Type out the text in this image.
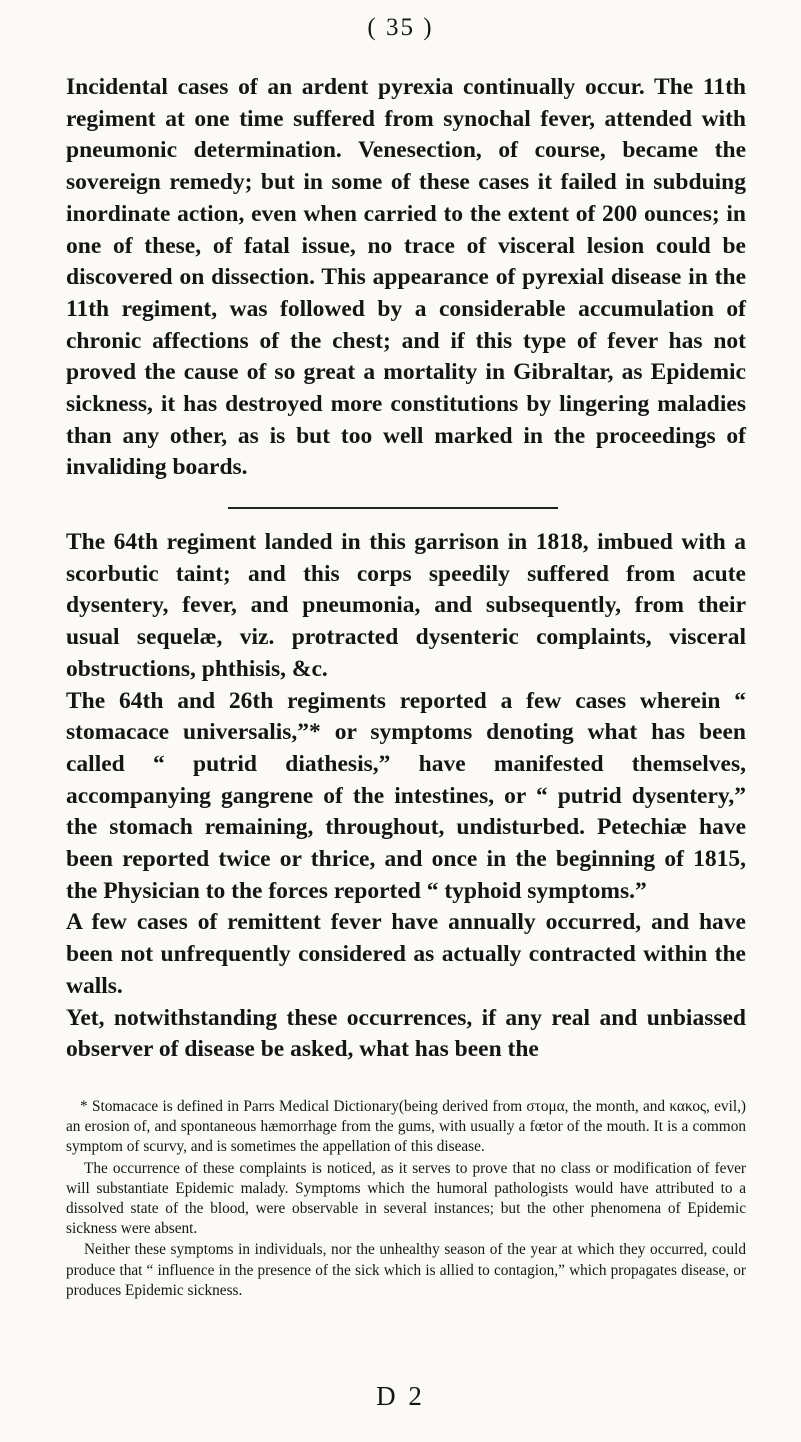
( 35 )

Incidental cases of an ardent pyrexia continually occur. The 11th regiment at one time suffered from synochal fever, attended with pneumonic determination. Venesection, of course, became the sovereign remedy; but in some of these cases it failed in subduing inordinate action, even when carried to the extent of 200 ounces; in one of these, of fatal issue, no trace of visceral lesion could be discovered on dissection. This appearance of pyrexial disease in the 11th regiment, was followed by a considerable accumulation of chronic affections of the chest; and if this type of fever has not proved the cause of so great a mortality in Gibraltar, as Epidemic sickness, it has destroyed more constitutions by lingering maladies than any other, as is but too well marked in the proceedings of invaliding boards.

The 64th regiment landed in this garrison in 1818, imbued with a scorbutic taint; and this corps speedily suffered from acute dysentery, fever, and pneumonia, and subsequently, from their usual sequelæ, viz. protracted dysenteric complaints, visceral obstructions, phthisis, &c.

The 64th and 26th regiments reported a few cases wherein “ stomacace universalis,”* or symptoms denoting what has been called “ putrid diathesis,” have manifested themselves, accompanying gangrene of the intestines, or “ putrid dysentery,” the stomach remaining, throughout, undisturbed. Petechiæ have been reported twice or thrice, and once in the beginning of 1815, the Physician to the forces reported “ typhoid symptoms.”

A few cases of remittent fever have annually occurred, and have been not unfrequently considered as actually contracted within the walls.

Yet, notwithstanding these occurrences, if any real and unbiassed observer of disease be asked, what has been the

* Stomacace is defined in Parrs Medical Dictionary(being derived from στομα, the month, and κακος, evil,) an erosion of, and spontaneous hæmorrhage from the gums, with usually a fœtor of the mouth. It is a common symptom of scurvy, and is sometimes the appellation of this disease.

The occurrence of these complaints is noticed, as it serves to prove that no class or modification of fever will substantiate Epidemic malady. Symptoms which the humoral pathologists would have attributed to a dissolved state of the blood, were observable in several instances; but the other phenomena of Epidemic sickness were absent.

Neither these symptoms in individuals, nor the unhealthy season of the year at which they occurred, could produce that “ influence in the presence of the sick which is allied to contagion,” which propagates disease, or produces Epidemic sickness.

D 2
